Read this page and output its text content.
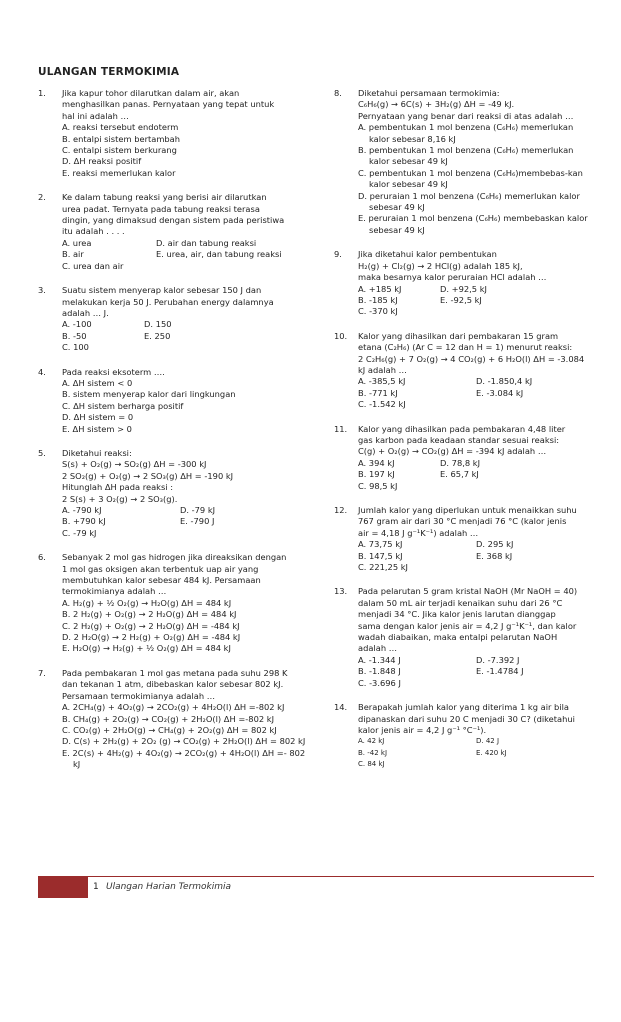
ULANGAN TERMOKIMIA
1. Jika kapur tohor dilarutkan dalam air, akan

menghasilkan panas. Pernyataan yang tepat untuk

hal ini adalah …

A. reaksi tersebut endoterm
B. entalpi sistem bertambah
C. entalpi sistem berkurang
D. ΔH reaksi positif
E. reaksi memerlukan kalor
2. Ke dalam tabung reaksi yang berisi air dilarutkan

urea padat. Ternyata pada tabung reaksi terasa

dingin, yang dimaksud dengan sistem pada peristiwa

itu adalah . . . .

A. urea	D. air dan tabung reaksi
B. air	E. urea, air, dan tabung reaksi
C. urea dan air
3. Suatu sistem menyerap kalor sebesar 150 J dan

melakukan kerja 50 J. Perubahan energy dalamnya

adalah … J.

A. -100	D. 150
B. -50	E. 250
C. 100
4. Pada reaksi eksoterm ….

A. ΔH sistem < 0
B. sistem menyerap kalor dari lingkungan
C. ΔH sistem berharga positif
D. ΔH sistem = 0
E. ΔH sistem > 0
5. Diketahui reaksi:

S(s) + O₂(g) → SO₂(g) ΔH = -300 kJ

2 SO₂(g) + O₂(g) → 2 SO₃(g) ΔH = -190 kJ

Hitunglah ΔH pada reaksi :

2 S(s) + 3 O₂(g) → 2 SO₃(g).

A. -790 kJ	D. -79 kJ
B. +790 kJ	E. -790 J
C. -79 kJ
6. Sebanyak 2 mol gas hidrogen jika direaksikan dengan

1 mol gas oksigen akan terbentuk uap air yang

membutuhkan kalor sebesar 484 kJ. Persamaan

termokimianya adalah …

A. H₂(g) + ½ O₂(g) → H₂O(g) ΔH = 484 kJ
B. 2 H₂(g) + O₂(g) → 2 H₂O(g) ΔH = 484 kJ
C. 2 H₂(g) + O₂(g) → 2 H₂O(g) ΔH = -484 kJ
D. 2 H₂O(g) → 2 H₂(g) + O₂(g) ΔH = -484 kJ
E. H₂O(g) → H₂(g) + ½ O₂(g) ΔH = 484 kJ
7. Pada pembakaran 1 mol gas metana pada suhu 298 K

dan tekanan 1 atm, dibebaskan kalor sebesar 802 kJ.

Persamaan termokimianya adalah …

A. 2CH₄(g) + 4O₂(g) → 2CO₂(g) + 4H₂O(l) ΔH =-802 kJ
B. CH₄(g) + 2O₂(g) → CO₂(g) + 2H₂O(l) ΔH =-802 kJ
C. CO₂(g) + 2H₂O(g) → CH₄(g) + 2O₂(g) ΔH = 802 kJ
D. C(s) + 2H₂(g) + 2O₂ (g) → CO₂(g) + 2H₂O(l) ΔH = 802 kJ
E. 2C(s) + 4H₂(g) + 4O₂(g) → 2CO₂(g) + 4H₂O(l) ΔH =- 802 kJ
8. Diketahui persamaan termokimia:

C₆H₆(g) → 6C(s) + 3H₂(g) ΔH = -49 kJ.

Pernyataan yang benar dari reaksi di atas adalah …

A. pembentukan 1 mol benzena (C₆H₆) memerlukan kalor sebesar 8,16 kJ
B. pembentukan 1 mol benzena (C₆H₆) memerlukan kalor sebesar 49 kJ
C. pembentukan 1 mol benzena (C₆H₆)membebas-kan kalor sebesar 49 kJ
D. peruraian 1 mol benzena (C₆H₆) memerlukan kalor sebesar 49 kJ
E. peruraian 1 mol benzena (C₆H₆) membebaskan kalor sebesar 49 kJ
9. Jika diketahui kalor pembentukan

H₂(g) + Cl₂(g) → 2 HCl(g) adalah 185 kJ,

maka besarnya kalor peruraian HCl adalah …

A. +185 kJ	D. +92,5 kJ
B. -185 kJ	E. -92,5 kJ
C. -370 kJ
10. Kalor yang dihasilkan dari pembakaran 15 gram

etana (C₂H₆) (Ar C = 12 dan H = 1) menurut reaksi:

2 C₂H₆(g) + 7 O₂(g) → 4 CO₂(g) + 6 H₂O(l) ΔH = -3.084

kJ adalah …

A. -385,5 kJ	D. -1.850,4 kJ
B. -771 kJ	E. -3.084 kJ
C. -1.542 kJ
11. Kalor yang dihasilkan pada pembakaran 4,48 liter

gas karbon pada keadaan standar sesuai reaksi:

C(g) + O₂(g) → CO₂(g) ΔH = -394 kJ adalah …

A. 394 kJ	D. 78,8 kJ
B. 197 kJ	E. 65,7 kJ
C. 98,5 kJ
12. Jumlah kalor yang diperlukan untuk menaikkan suhu

767 gram air dari 30 °C menjadi 76 °C (kalor jenis

air = 4,18 J g⁻¹K⁻¹) adalah …

A. 73,75 kJ	D. 295 kJ
B. 147,5 kJ	E. 368 kJ
C. 221,25 kJ
13. Pada pelarutan 5 gram kristal NaOH (Mr NaOH = 40)

dalam 50 mL air terjadi kenaikan suhu dari 26 °C

menjadi 34 °C. Jika kalor jenis larutan dianggap

sama dengan kalor jenis air = 4,2 J g⁻¹K⁻¹, dan kalor

wadah diabaikan, maka entalpi pelarutan NaOH

adalah …

A. -1.344 J	D. -7.392 J
B. -1.848 J	E. -1.4784 J
C. -3.696 J
14. Berapakah jumlah kalor yang diterima 1 kg air bila

dipanaskan dari suhu 20 C menjadi 30 C? (diketahui

kalor jenis air = 4,2 J g⁻¹ °C⁻¹).

A. 42 kJ	D. 42 J
B. -42 kJ	E. 420 kJ
C. 84 kJ
1 Ulangan Harian Termokimia
